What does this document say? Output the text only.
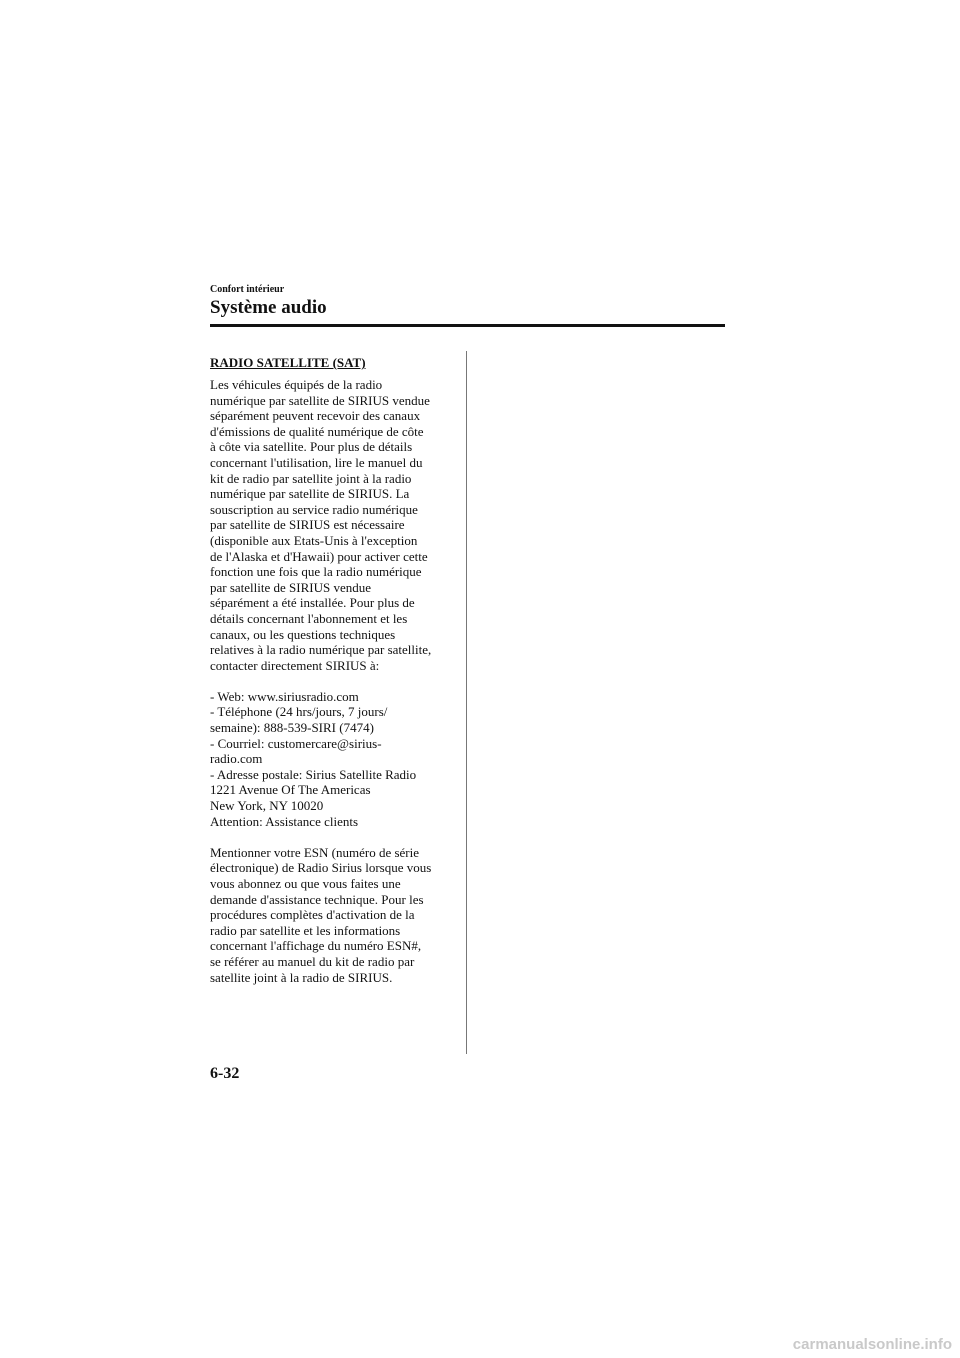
Confort intérieur
Système audio

RADIO SATELLITE (SAT)

Les véhicules équipés de la radio
numérique par satellite de SIRIUS vendue
séparément peuvent recevoir des canaux
d'émissions de qualité numérique de côte
à côte via satellite. Pour plus de détails
concernant l'utilisation, lire le manuel du
kit de radio par satellite joint à la radio
numérique par satellite de SIRIUS. La
souscription au service radio numérique
par satellite de SIRIUS est nécessaire
(disponible aux Etats-Unis à l'exception
de l'Alaska et d'Hawaii) pour activer cette
fonction une fois que la radio numérique
par satellite de SIRIUS vendue
séparément a été installée. Pour plus de
détails concernant l'abonnement et les
canaux, ou les questions techniques
relatives à la radio numérique par satellite,
contacter directement SIRIUS à:

- Web: www.siriusradio.com
- Téléphone (24 hrs/jours, 7 jours/
semaine): 888-539-SIRI (7474)
- Courriel: customercare@sirius-
radio.com
- Adresse postale: Sirius Satellite Radio
1221 Avenue Of The Americas
New York, NY 10020
Attention: Assistance clients

Mentionner votre ESN (numéro de série
électronique) de Radio Sirius lorsque vous
vous abonnez ou que vous faites une
demande d'assistance technique. Pour les
procédures complètes d'activation de la
radio par satellite et les informations
concernant l'affichage du numéro ESN#,
se référer au manuel du kit de radio par
satellite joint à la radio de SIRIUS.

6-32
carmanualsonline.info
